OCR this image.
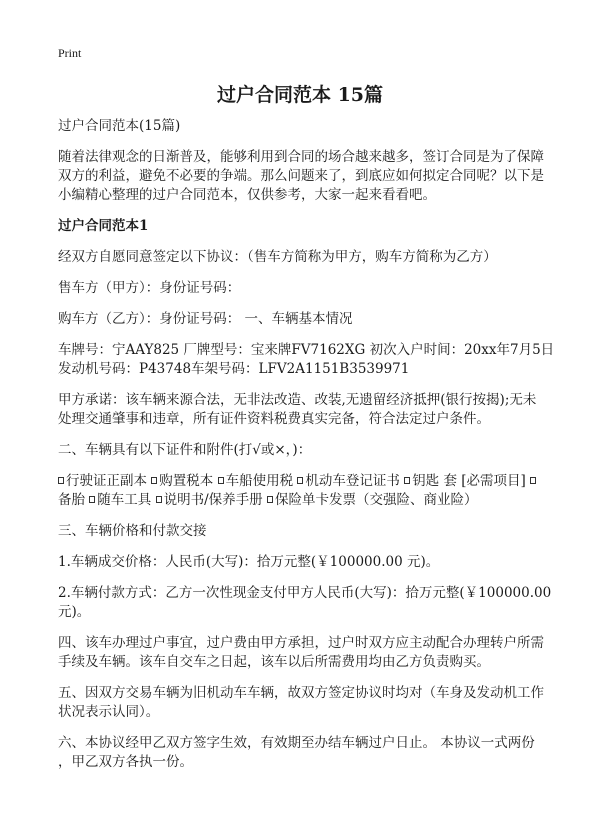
Print
过户合同范本 15篇
过户合同范本(15篇)
随着法律观念的日渐普及，能够利用到合同的场合越来越多，签订合同是为了保障
双方的利益，避免不必要的争端。那么问题来了，到底应如何拟定合同呢？以下是
小编精心整理的过户合同范本，仅供参考，大家一起来看看吧。
过户合同范本1
经双方自愿同意签定以下协议：（售车方简称为甲方，购车方简称为乙方）
售车方（甲方）：身份证号码：
购车方（乙方）：身份证号码： 一、车辆基本情况
车牌号：宁AAY825 厂牌型号：宝来牌FV7162XG 初次入户时间：20xx年7月5日
发动机号码：P43748车架号码：LFV2A1151B3539971
甲方承诺：该车辆来源合法，无非法改造、改装,无遗留经济抵押(银行按揭);无未
处理交通肇事和违章，所有证件资料税费真实完备，符合法定过户条件。
二、车辆具有以下证件和附件(打√或×，)：
行驶证正副本 购置税本 车船使用税 机动车登记证书 钥匙 套 [必需项目]
备胎 随车工具 说明书/保养手册 保险单卡发票（交强险、商业险）
三、车辆价格和付款交接
1.车辆成交价格：人民币(大写)：拾万元整(￥100000.00 元)。
2.车辆付款方式：乙方一次性现金支付甲方人民币(大写)：拾万元整(￥100000.00
元)。
四、该车办理过户事宜，过户费由甲方承担，过户时双方应主动配合办理转户所需
手续及车辆。该车自交车之日起，该车以后所需费用均由乙方负责购买。
五、因双方交易车辆为旧机动车车辆，故双方签定协议时均对（车身及发动机工作
状况表示认同）。
六、本协议经甲乙双方签字生效，有效期至办结车辆过户日止。 本协议一式两份
，甲乙双方各执一份。
